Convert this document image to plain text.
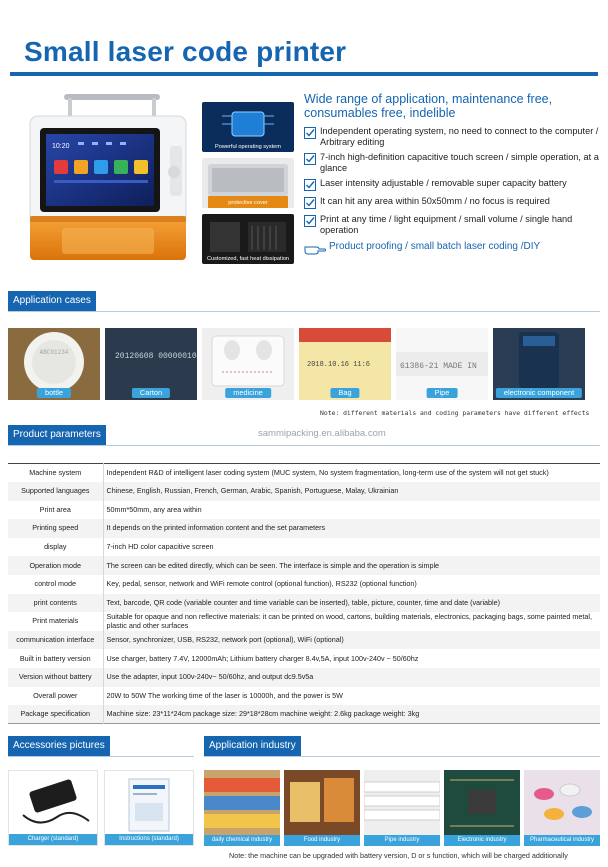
Small laser code printer
10:20	Powerful operating system
protective cover
Customized, fast heat dissipation
Wide range of application, maintenance free, consumables free, indelible
Independent operating system, no need to connect to the computer / Arbitrary editing
7-inch high-definition capacitive touch screen / simple operation, at a glance
Laser intensity adjustable / removable super capacity battery
It can hit any area within 50x50mm / no focus is required
Print at any time / light equipment / small volume / single hand operation
Product proofing / small batch laser coding /DIY
Application cases
ABC01234
bottle
20120608 00000010
Carton	medicine
2018.10.16 11:6
Bag
61386-21 MADE IN
Pipe	electronic component
Note: different materials and coding parameters have different effects
Product parameters	sammipacking.en.alibaba.com
Machine system	Independent R&D of intelligent laser coding system (MUC system, No system fragmentation, long-term use of the system will not get stuck)
Supported languages	Chinese, English, Russian, French, German, Arabic, Spanish, Portuguese, Malay, Ukrainian
Print area	50mm*50mm, any area within
Printing speed	It depends on the printed information content and the set parameters
display	7-inch HD color capacitive screen
Operation mode	The screen can be edited directly, which can be seen. The interface is simple and the operation is simple
control mode	Key, pedal, sensor, network and WiFi remote control (optional function), RS232 (optional function)
print contents	Text, barcode, QR code (variable counter and time variable can be inserted), table, picture, counter, time and date (variable)
Print materials	Suitable for opaque and non reflective materials: it can be printed on wood, cartons, building materials, electronics, packaging bags, some painted metal, plastic and other surfaces
communication interface	Sensor, synchronizer, USB, RS232, network port (optional), WiFi (optional)
Built in battery version	Use charger, battery 7.4V, 12000mAh; Lithium battery charger 8.4v,5A, input 100v-240v ~ 50/60hz
Version without battery	Use the adapter, input 100v-240v~ 50/60hz, and output dc9.5v5a
Overall power	20W to 50W The working time of the laser is 10000h, and the power is 5W
Package specification	Machine size: 23*11*24cm package size: 29*18*28cm machine weight: 2.6kg package weight: 3kg
Accessories pictures
Charger (standard)	Instructions (standard)
Application industry
daily chemical industry	Food industry	Pipe industry	Electronic industry	Pharmaceutical industry
Note: the machine can be upgraded with battery version, D or s function, which will be charged additionally
